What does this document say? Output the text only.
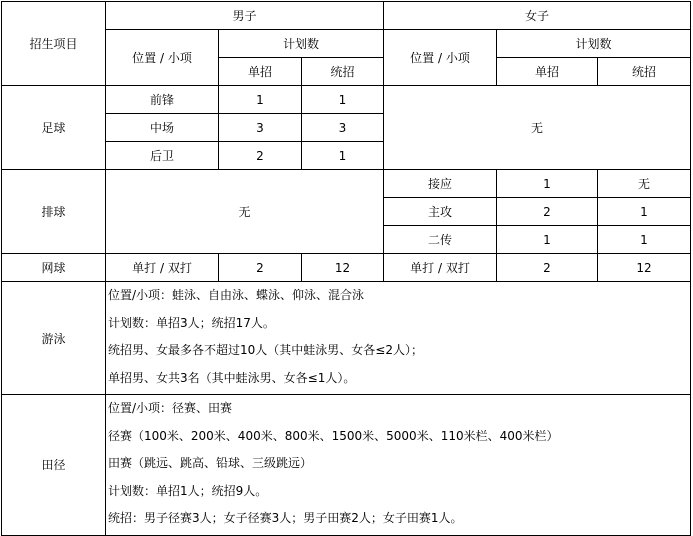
招生项目	男子			女子		
	位置 / 小项	计划数		位置 / 小项	计划数	
		单招	统招		单招	统招
足球	前锋	1	1	无		
	中场	3	3			
	后卫	2	1			
排球	无			接应	1	无
				主攻	2	1
				二传	1	1
网球	单打 / 双打	2	12	单打 / 双打	2	12
游泳	位置/小项：蛙泳、自由泳、蝶泳、仰泳、混合泳
计划数：单招3人；统招17人。
统招男、女最多各不超过10人（其中蛙泳男、女各≤2人）；
单招男、女共3名（其中蛙泳男、女各≤1人）。					

田径	位置/小项：径赛、田赛
径赛（100米、200米、400米、800米、1500米、5000米、110米栏、400米栏）
田赛（跳远、跳高、铅球、三级跳远）
计划数：单招1人；统招9人。
统招：男子径赛3人；女子径赛3人；男子田赛2人；女子田赛1人。					
